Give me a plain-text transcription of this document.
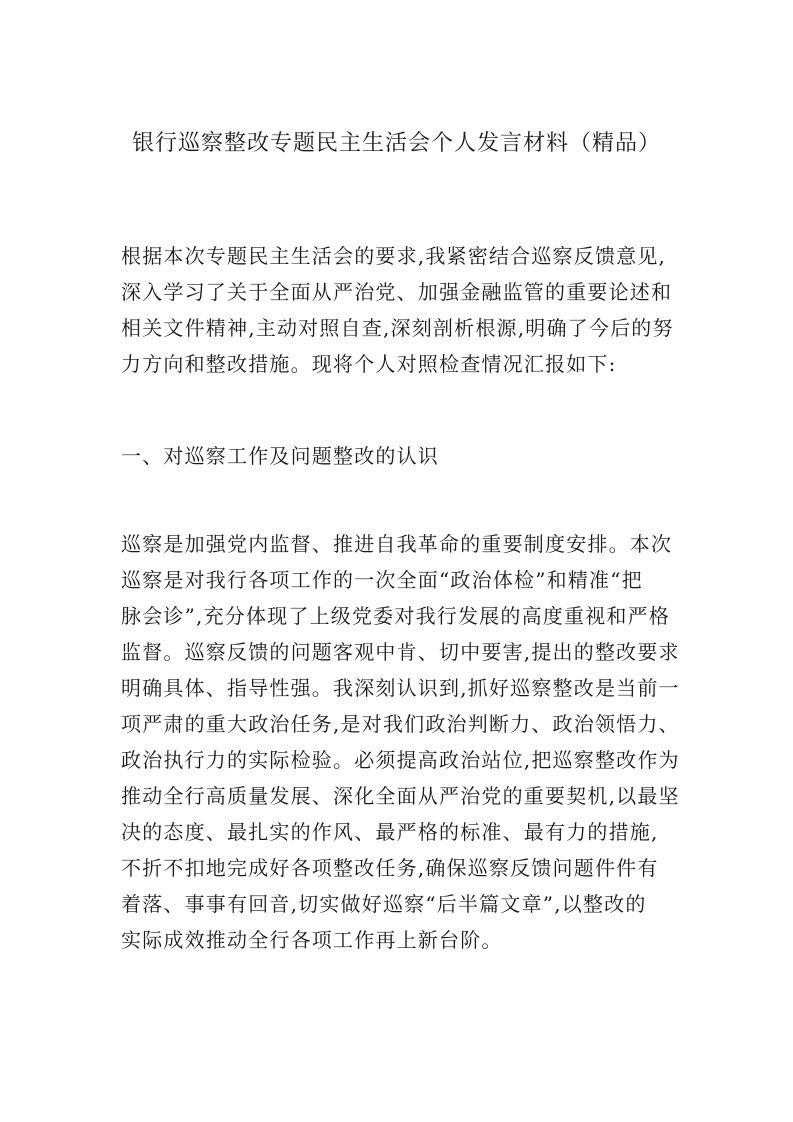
银行巡察整改专题民主生活会个人发言材料（精品）

根据本次专题民主生活会的要求,我紧密结合巡察反馈意见,
深入学习了关于全面从严治党、加强金融监管的重要论述和
相关文件精神,主动对照自查,深刻剖析根源,明确了今后的努
力方向和整改措施。现将个人对照检查情况汇报如下:

一、对巡察工作及问题整改的认识

巡察是加强党内监督、推进自我革命的重要制度安排。本次
巡察是对我行各项工作的一次全面“政治体检”和精准“把
脉会诊”,充分体现了上级党委对我行发展的高度重视和严格
监督。巡察反馈的问题客观中肯、切中要害,提出的整改要求
明确具体、指导性强。我深刻认识到,抓好巡察整改是当前一
项严肃的重大政治任务,是对我们政治判断力、政治领悟力、
政治执行力的实际检验。必须提高政治站位,把巡察整改作为
推动全行高质量发展、深化全面从严治党的重要契机,以最坚
决的态度、最扎实的作风、最严格的标准、最有力的措施,
不折不扣地完成好各项整改任务,确保巡察反馈问题件件有
着落、事事有回音,切实做好巡察“后半篇文章”,以整改的
实际成效推动全行各项工作再上新台阶。
